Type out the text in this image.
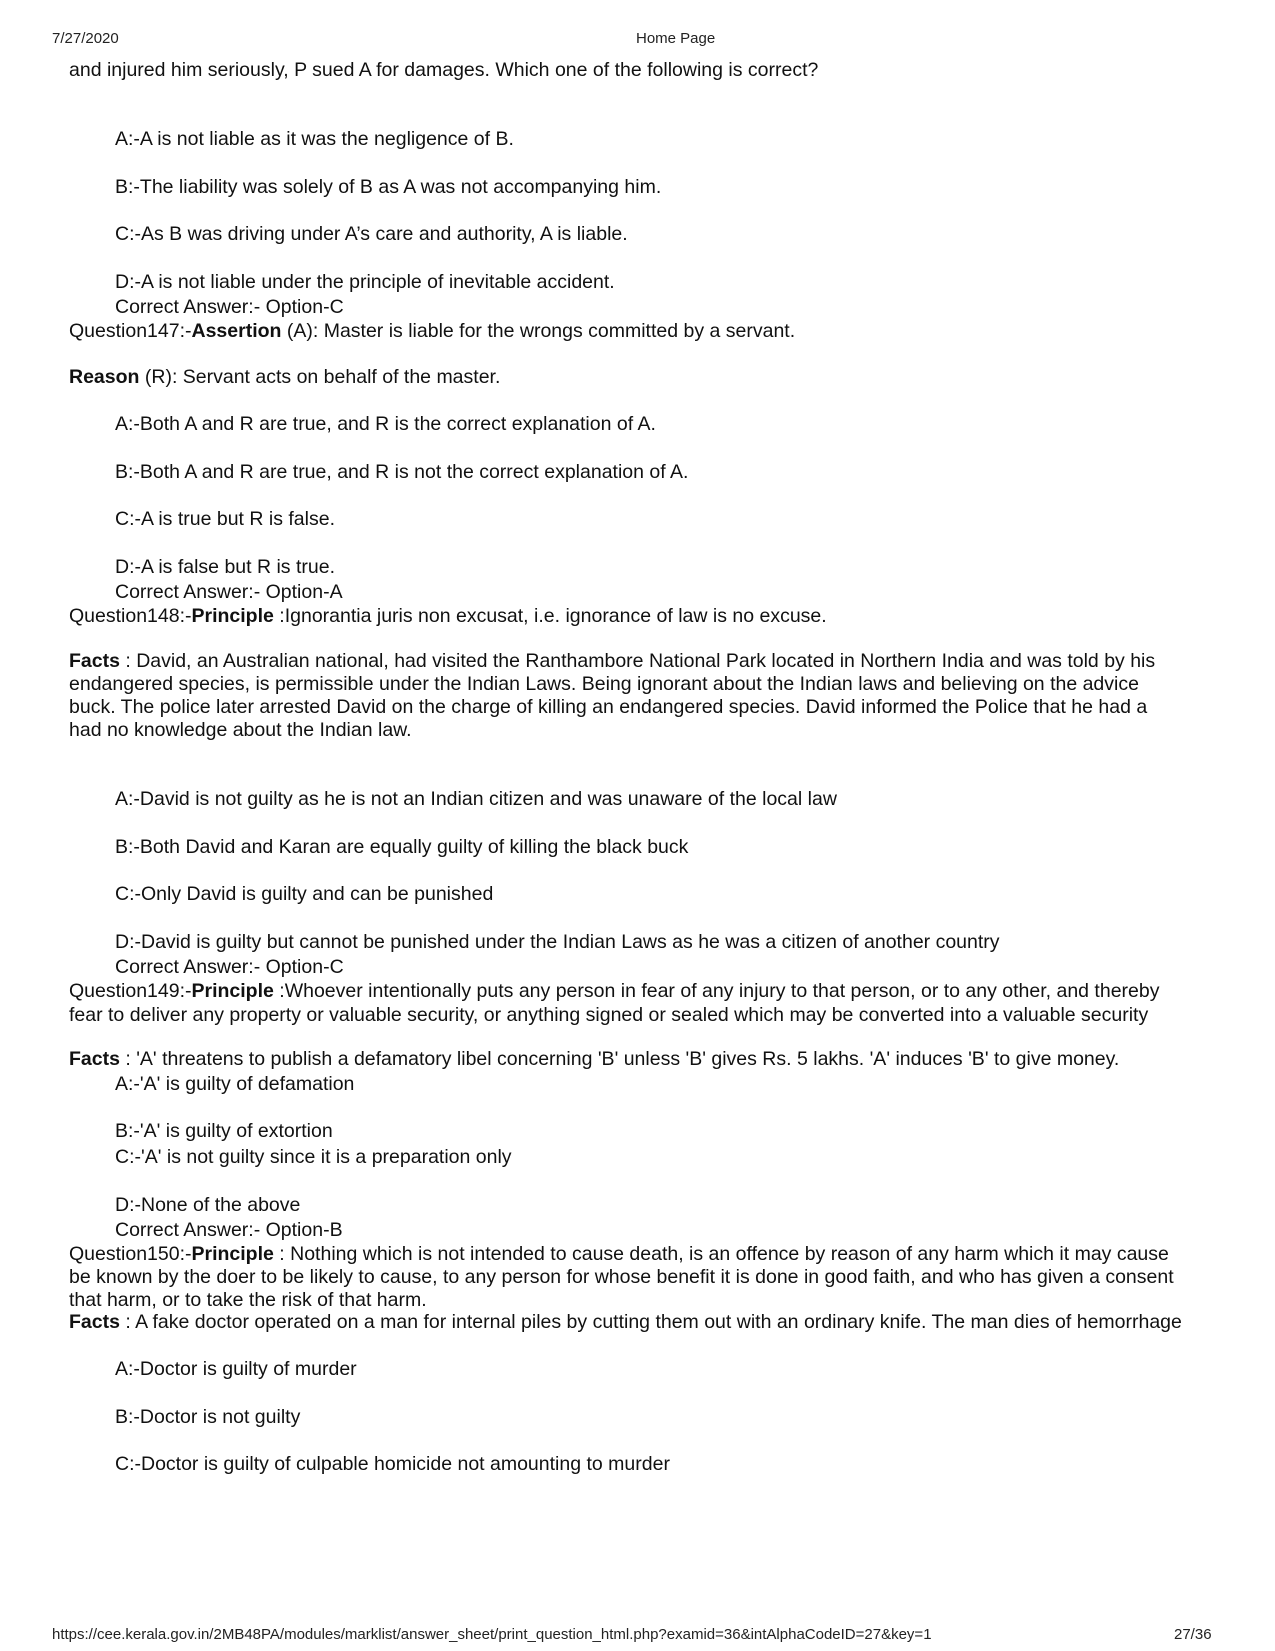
7/27/2020	Home Page
and injured him seriously, P sued A for damages. Which one of the following is correct?
A:-A is not liable as it was the negligence of B.
B:-The liability was solely of B as A was not accompanying him.
C:-As B was driving under A’s care and authority, A is liable.
D:-A is not liable under the principle of inevitable accident.
Correct Answer:- Option-C
Question147:-Assertion (A): Master is liable for the wrongs committed by a servant.
Reason (R): Servant acts on behalf of the master.
A:-Both A and R are true, and R is the correct explanation of A.
B:-Both A and R are true, and R is not the correct explanation of A.
C:-A is true but R is false.
D:-A is false but R is true.
Correct Answer:- Option-A
Question148:-Principle :Ignorantia juris non excusat, i.e. ignorance of law is no excuse.
Facts : David, an Australian national, had visited the Ranthambore National Park located in Northern India and was told by his
endangered species, is permissible under the Indian Laws. Being ignorant about the Indian laws and believing on the advice
buck. The police later arrested David on the charge of killing an endangered species. David informed the Police that he had a
had no knowledge about the Indian law.
A:-David is not guilty as he is not an Indian citizen and was unaware of the local law
B:-Both David and Karan are equally guilty of killing the black buck
C:-Only David is guilty and can be punished
D:-David is guilty but cannot be punished under the Indian Laws as he was a citizen of another country
Correct Answer:- Option-C
Question149:-Principle :Whoever intentionally puts any person in fear of any injury to that person, or to any other, and thereby
fear to deliver any property or valuable security, or anything signed or sealed which may be converted into a valuable security
Facts : 'A' threatens to publish a defamatory libel concerning 'B' unless 'B' gives Rs. 5 lakhs. 'A' induces 'B' to give money.
A:-'A' is guilty of defamation
B:-'A' is guilty of extortion
C:-'A' is not guilty since it is a preparation only
D:-None of the above
Correct Answer:- Option-B
Question150:-Principle : Nothing which is not intended to cause death, is an offence by reason of any harm which it may cause
be known by the doer to be likely to cause, to any person for whose benefit it is done in good faith, and who has given a consent
that harm, or to take the risk of that harm.
Facts : A fake doctor operated on a man for internal piles by cutting them out with an ordinary knife. The man dies of hemorrhage
A:-Doctor is guilty of murder
B:-Doctor is not guilty
C:-Doctor is guilty of culpable homicide not amounting to murder
https://cee.kerala.gov.in/2MB48PA/modules/marklist/answer_sheet/print_question_html.php?examid=36&intAlphaCodeID=27&key=1	27/36
